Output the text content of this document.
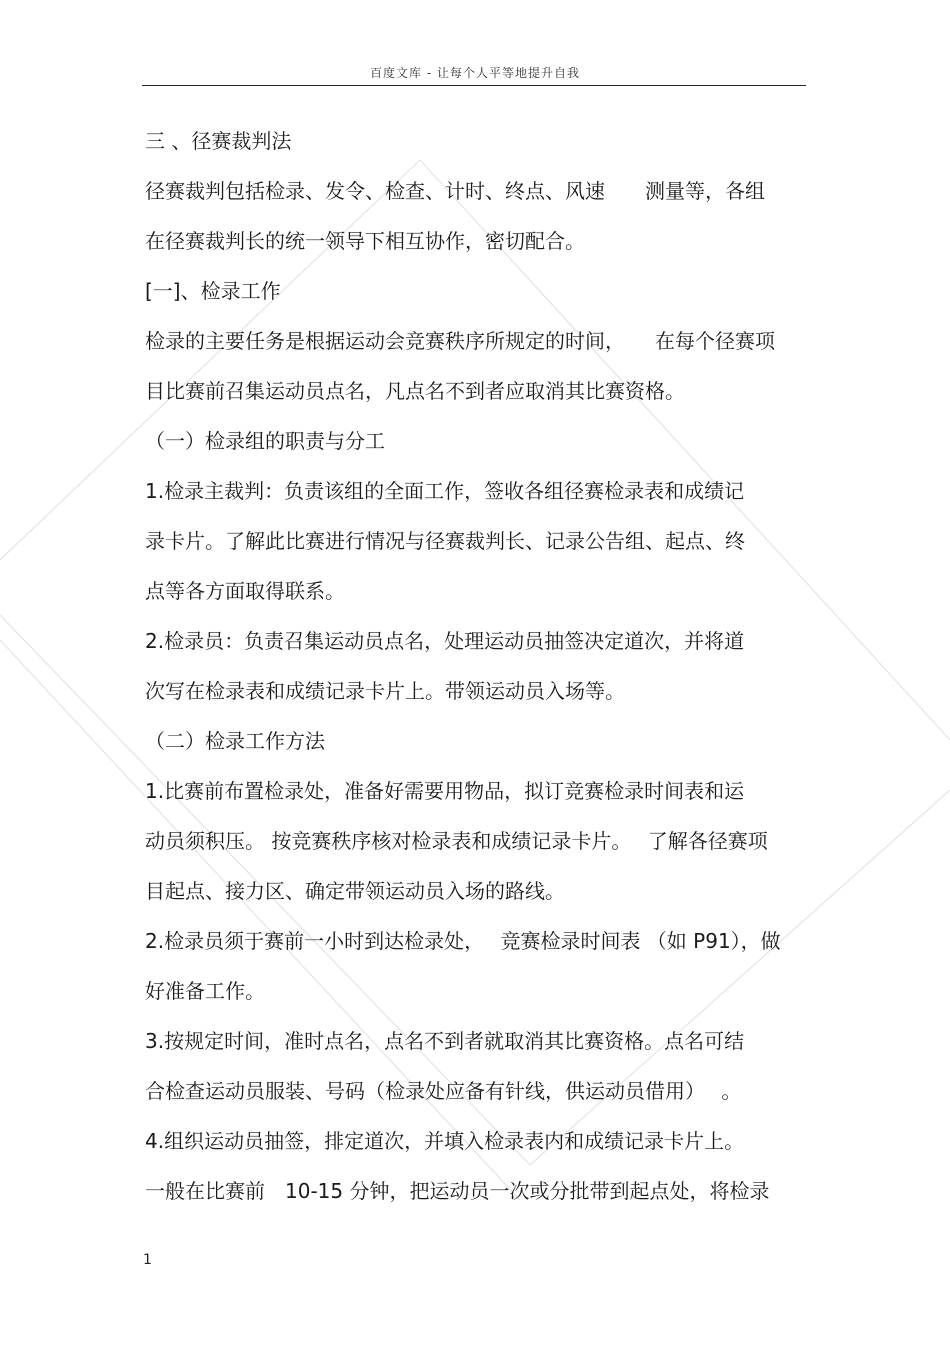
百度文库 - 让每个人平等地提升自我
三 、径赛裁判法
径赛裁判包括检录、发令、检查、计时、终点、风速　　测量等，各组
在径赛裁判长的统一领导下相互协作，密切配合。
[一]、检录工作
检录的主要任务是根据运动会竞赛秩序所规定的时间，　　在每个径赛项
目比赛前召集运动员点名，凡点名不到者应取消其比赛资格。
（一）检录组的职责与分工
1.检录主裁判：负责该组的全面工作，签收各组径赛检录表和成绩记
录卡片。了解此比赛进行情况与径赛裁判长、记录公告组、起点、终
点等各方面取得联系。
2.检录员：负责召集运动员点名，处理运动员抽签决定道次，并将道
次写在检录表和成绩记录卡片上。带领运动员入场等。
（二）检录工作方法
1.比赛前布置检录处，准备好需要用物品，拟订竞赛检录时间表和运
动员须积压。 按竞赛秩序核对检录表和成绩记录卡片。　 了解各径赛项
目起点、接力区、确定带领运动员入场的路线。
2.检录员须于赛前一小时到达检录处，　 竞赛检录时间表 （如 P91），做
好准备工作。
3.按规定时间，准时点名，点名不到者就取消其比赛资格。点名可结
合检查运动员服装、号码（检录处应备有针线，供运动员借用）　 。
4.组织运动员抽签，排定道次，并填入检录表内和成绩记录卡片上。
一般在比赛前　10-15 分钟，把运动员一次或分批带到起点处，将检录
1
